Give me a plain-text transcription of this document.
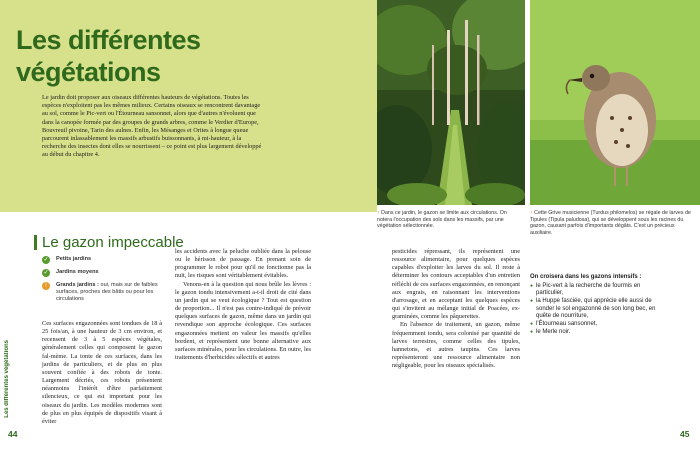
Les différentes végétations

Le jardin doit proposer aux oiseaux différentes hauteurs de végétations. Toutes les espèces n'exploitent pas les mêmes milieux. Certains oiseaux se rencontrent davantage au sol, comme le Pic-vert ou l'Étourneau sansonnet, alors que d'autres n'évoluent que dans la canopée formée par des groupes de grands arbres, comme le Verdier d'Europe, Bouvreuil pivoine, Tarin des aulnes. Enfin, les Mésanges et Orites à longue queue parcourent inlassablement les massifs arbustifs buissonnants, à mi-hauteur, à la recherche des insectes dont elles se nourrissent – ce point est plus largement développé au début du chapitre 4.

↑ Dans ce jardin, le gazon se limite aux circulations. On notera l'occupation des sols dans les massifs, par une végétation sélectionnée.
↑ Cette Grive musicienne (Turdus philomelos) se régale de larves de Tipules (Tipula paludosa), qui se développent sous les racines du gazon, causant parfois d'importants dégâts. C'est un précieux auxiliaire.
Le gazon impeccable
✓ Petits jardins
✓ Jardins moyens
!	Grands jardins : oui, mais sur de faibles surfaces, proches des bâtis ou pour les circulations

Ces surfaces engazonnées sont tondues de 18 à 25 fois/an, à une hauteur de 3 cm environ, et recensent de 3 à 5 espèces végétales, généralement celles qui composent le gazon fal-mème. La tonte de ces surfaces, dans les jardins de particuliers, et de plus en plus souvent confiée à des robots de tonte. Largement décriés, ces robots présentent néanmoins l'intérêt d'être parfaitement silencieux, ce qui est important pour les oiseaux du jardin. Les modèles modernes sont de plus en plus équipés de dispositifs visant à éviter

les accidents avec la peluche oubliée dans la pelouse ou le hérisson de passage. En prenant soin de programmer le robot pour qu'il ne fonctionne pas la nuit, les risques sont véritablement évitables.

Venons-en à la question qui nous brûle les lèvres : le gazon tondu intensivement a-t-il droit de cité dans un jardin qui se veut écologique ? Tout est question de proportion... Il n'est pas contre-indiqué de prévoir quelques surfaces de gazon, même dans un jardin qui revendique son approche écologique. Ces surfaces engazonnées mettent en valeur les massifs qu'elles bordent, et représentent une bonne alternative aux surfaces minérales, pour les circulations. En outre, les traitements d'herbicides sélectifs et autres

pesticides répressant, ils représentent une ressource alimentaire, pour quelques espèces capables d'exploiter les larves du sol. Il reste à déterminer les contours acceptables d'un entretien réfléchi de ces surfaces engazonnées, en renonçant aux engrais, en raisonnant les interventions d'arrosage, et en acceptant les quelques espèces qui s'invitent au mélange initial de Poacées, ex-graminées, comme les pâquerettes.

En l'absence de traitement, un gazon, même fréquemment tondu, sera colonisé par quantité de larves terrestres, comme celles des tipules, hannetons, et autres taupins. Ces larves représenteront une ressource alimentaire non négligeable, pour les oiseaux spécialisés.

On croisera dans les gazons intensifs :
● le Pic-vert à la recherche de fourmis en particulier,
● la Huppe fasciée, qui apprécie elle aussi de sonder le sol engazonné de son long bec, en quête de nourriture,
● l'Étourneau sansonnet,
● le Merle noir.
Les différentes végétations
44	45
